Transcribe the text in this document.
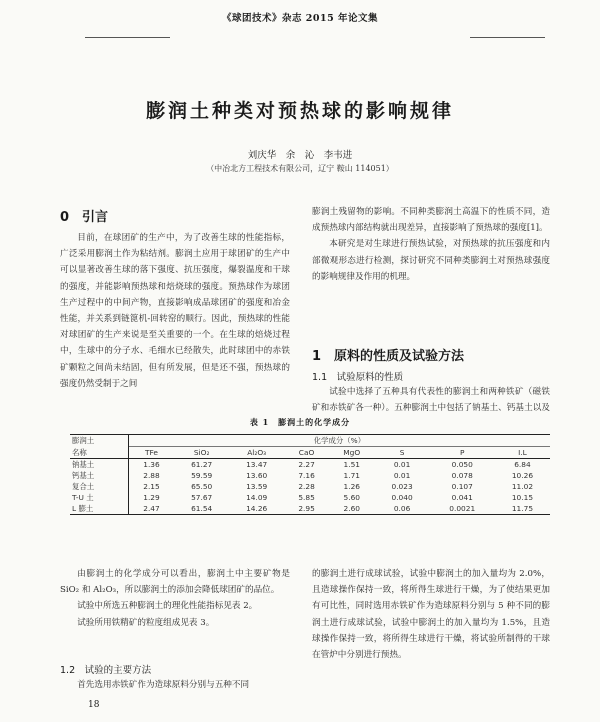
《球团技术》杂志 2015 年论文集
膨润土种类对预热球的影响规律
刘庆华　余　沁　李韦进
（中冶北方工程技术有限公司，辽宁 鞍山 114051）
0　引言

目前，在球团矿的生产中，为了改善生球的性能指标，广泛采用膨润土作为粘结剂。膨润土应用于球团矿的生产中可以显著改善生球的落下强度、抗压强度，爆裂温度和干球的强度，并能影响预热球和焙烧球的强度。预热球作为球团生产过程中的中间产物，直接影响成品球团矿的强度和冶金性能，并关系到链篦机-回转窑的顺行。因此，预热球的性能对球团矿的生产来说是至关重要的一个。在生球的焙烧过程中，生球中的分子水、毛细水已经散失，此时球团中的赤铁矿颗粒之间尚未结固，但有所发展，但是还不强，预热球的强度仍然受制于之间

膨润土残留物的影响。不同种类膨润土高温下的性质不同，造成预热球内部结构就出现差异，直接影响了预热球的强度[1]。

本研究是对生球进行预热试验，对预热球的抗压强度和内部微观形态进行检测，探讨研究不同种类膨润土对预热球强度的影响规律及作用的机理。

1　原料的性质及试验方法
1.1　试验原料的性质

试验中选择了五种具有代表性的膨润土和两种铁矿（磁铁矿和赤铁矿各一种）。五种膨润土中包括了钠基土、钙基土以及

表 1　膨润土的化学成分
膨润土	化学成分（%）							
名称	TFe	SiO₂	Al₂O₃	CaO	MgO	S	P	I.L
钠基土	1.36	61.27	13.47	2.27	1.51	0.01	0.050	6.84
钙基土	2.88	59.59	13.60	7.16	1.71	0.01	0.078	10.26
复合土	2.15	65.50	13.59	2.28	1.26	0.023	0.107	11.02
T-U 土	1.29	57.67	14.09	5.85	5.60	0.040	0.041	10.15
L 膨土	2.47	61.54	14.26	2.95	2.60	0.06	0.0021	11.75

由膨润土的化学成分可以看出，膨润土中主要矿物是 SiO₂ 和 Al₂O₃，所以膨润土的添加会降低球团矿的品位。

试验中所选五种膨润土的理化性能指标见表 2。

试验所用铁精矿的粒度组成见表 3。

1.2　试验的主要方法

首先选用赤铁矿作为造球原料分别与五种不同

的膨润土进行成球试验，试验中膨润土的加入量均为 2.0%，且造球操作保持一致，将所得生球进行干燥，为了使结果更加有可比性，同时选用赤铁矿作为造球原料分别与 5 种不同的膨润土进行成球试验，试验中膨润土的加入量均为 1.5%，且造球操作保持一致，将所得生球进行干燥，将试验所制得的干球在管炉中分别进行预热。

18
